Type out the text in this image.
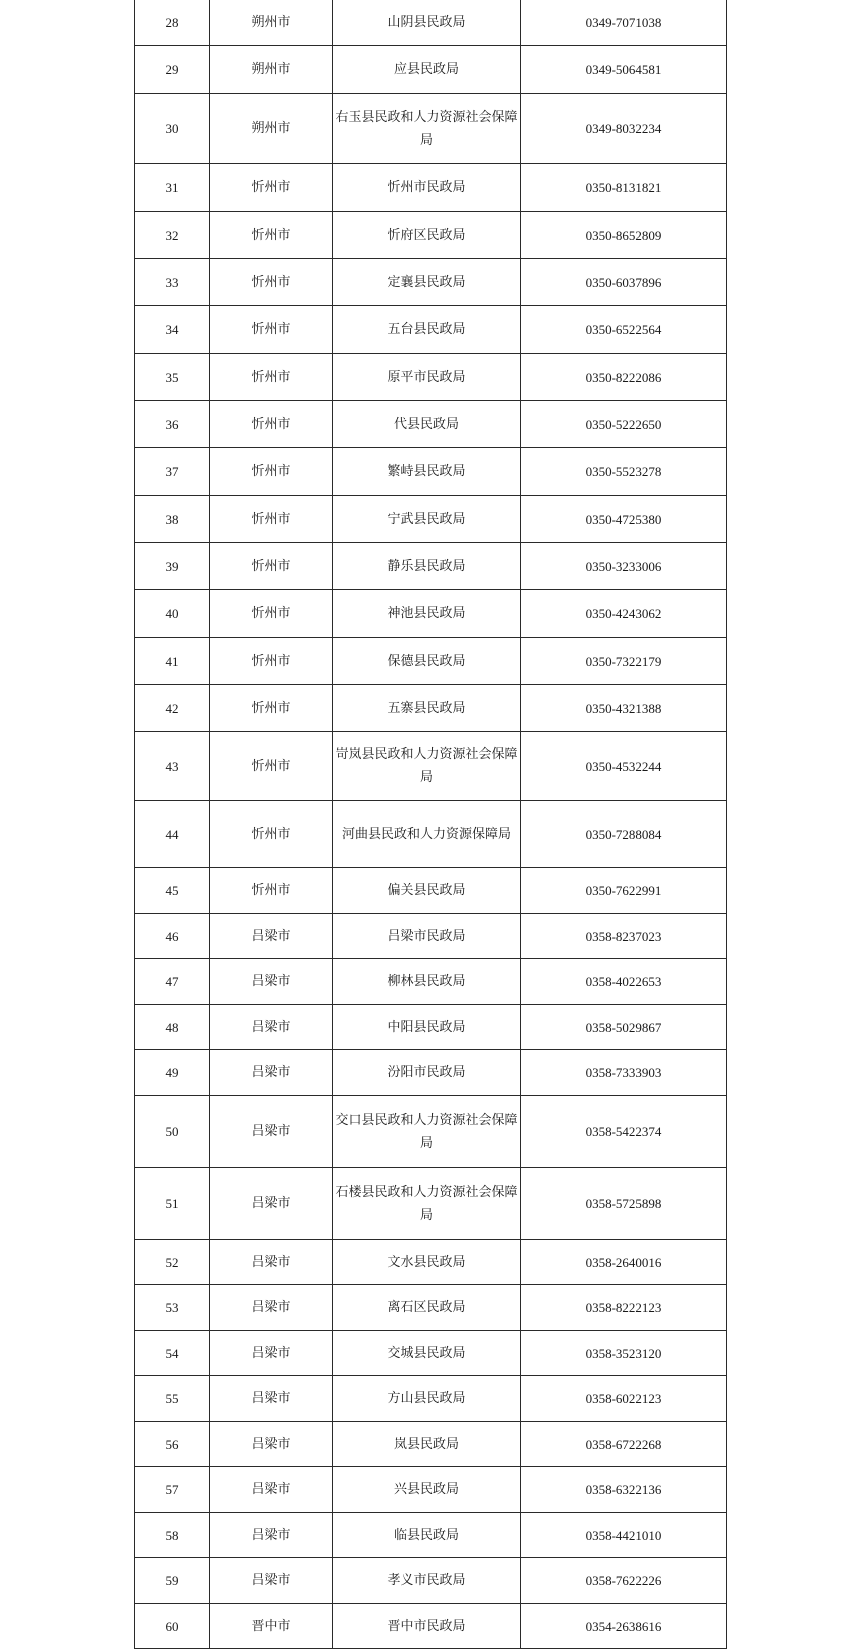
28	朔州市	山阴县民政局	0349-7071038
29	朔州市	应县民政局	0349-5064581
30	朔州市	右玉县民政和人力资源社会保障局	0349-8032234
31	忻州市	忻州市民政局	0350-8131821
32	忻州市	忻府区民政局	0350-8652809
33	忻州市	定襄县民政局	0350-6037896
34	忻州市	五台县民政局	0350-6522564
35	忻州市	原平市民政局	0350-8222086
36	忻州市	代县民政局	0350-5222650
37	忻州市	繁峙县民政局	0350-5523278
38	忻州市	宁武县民政局	0350-4725380
39	忻州市	静乐县民政局	0350-3233006
40	忻州市	神池县民政局	0350-4243062
41	忻州市	保德县民政局	0350-7322179
42	忻州市	五寨县民政局	0350-4321388
43	忻州市	岢岚县民政和人力资源社会保障局	0350-4532244
44	忻州市	河曲县民政和人力资源保障局	0350-7288084
45	忻州市	偏关县民政局	0350-7622991
46	吕梁市	吕梁市民政局	0358-8237023
47	吕梁市	柳林县民政局	0358-4022653
48	吕梁市	中阳县民政局	0358-5029867
49	吕梁市	汾阳市民政局	0358-7333903
50	吕梁市	交口县民政和人力资源社会保障局	0358-5422374
51	吕梁市	石楼县民政和人力资源社会保障局	0358-5725898
52	吕梁市	文水县民政局	0358-2640016
53	吕梁市	离石区民政局	0358-8222123
54	吕梁市	交城县民政局	0358-3523120
55	吕梁市	方山县民政局	0358-6022123
56	吕梁市	岚县民政局	0358-6722268
57	吕梁市	兴县民政局	0358-6322136
58	吕梁市	临县民政局	0358-4421010
59	吕梁市	孝义市民政局	0358-7622226
60	晋中市	晋中市民政局	0354-2638616
